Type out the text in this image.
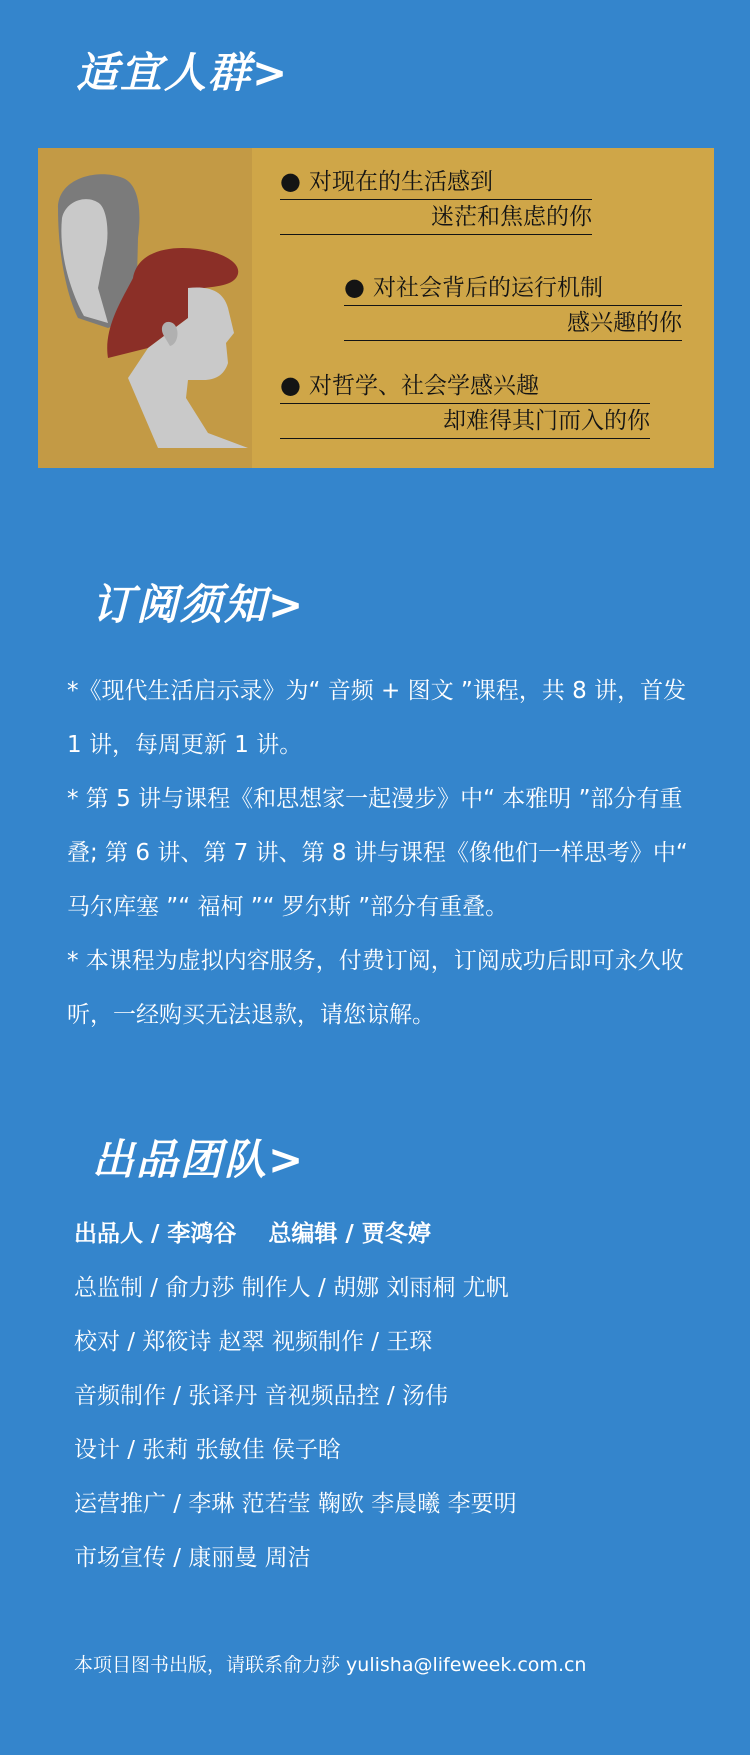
适宜人群>
● 对现在的生活感到
迷茫和焦虑的你
● 对社会背后的运行机制
感兴趣的你
● 对哲学、社会学感兴趣
却难得其门而入的你
订阅须知>

*《现代生活启示录》为“ 音频 + 图文 ”课程，共 8 讲，首发 1 讲，每周更新 1 讲。

* 第 5 讲与课程《和思想家一起漫步》中“ 本雅明 ”部分有重叠; 第 6 讲、第 7 讲、第 8 讲与课程《像他们一样思考》中“ 马尔库塞 ”“ 福柯 ”“ 罗尔斯 ”部分有重叠。

* 本课程为虚拟内容服务，付费订阅，订阅成功后即可永久收听，一经购买无法退款，请您谅解。

出品团队>
出品人 / 李鸿谷 总编辑 / 贾冬婷
总监制 / 俞力莎 制作人 / 胡娜 刘雨桐 尤帆
校对 / 郑筱诗 赵翠 视频制作 / 王琛
音频制作 / 张译丹 音视频品控 / 汤伟
设计 / 张莉 张敏佳 侯子晗
运营推广 / 李琳 范若莹 鞠欧 李晨曦 李要明
市场宣传 / 康丽曼 周洁
本项目图书出版，请联系俞力莎 yulisha@lifeweek.com.cn
